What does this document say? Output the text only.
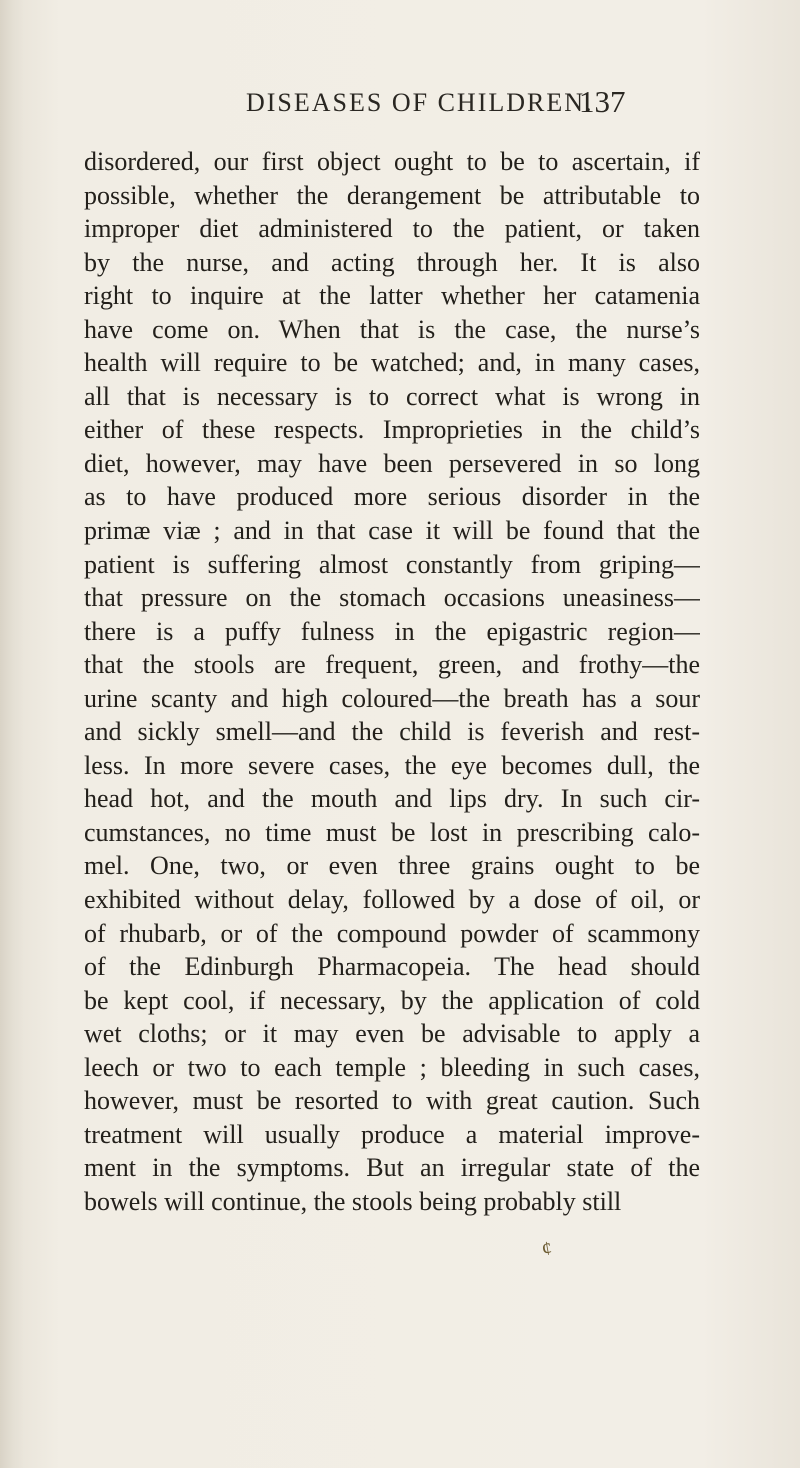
DISEASES OF CHILDREN.
137
disordered, our first object ought to be to ascertain, if
possible, whether the derangement be attributable to
improper diet administered to the patient, or taken
by the nurse, and acting through her. It is also
right to inquire at the latter whether her catamenia
have come on. When that is the case, the nurse’s
health will require to be watched; and, in many cases,
all that is necessary is to correct what is wrong in
either of these respects. Improprieties in the child’s
diet, however, may have been persevered in so long
as to have produced more serious disorder in the
primæ viæ ; and in that case it will be found that the
patient is suffering almost constantly from griping—
that pressure on the stomach occasions uneasiness—
there is a puffy fulness in the epigastric region—
that the stools are frequent, green, and frothy—the
urine scanty and high coloured—the breath has a sour
and sickly smell—and the child is feverish and rest-
less. In more severe cases, the eye becomes dull, the
head hot, and the mouth and lips dry. In such cir-
cumstances, no time must be lost in prescribing calo-
mel. One, two, or even three grains ought to be
exhibited without delay, followed by a dose of oil, or
of rhubarb, or of the compound powder of scammony
of the Edinburgh Pharmacopeia. The head should
be kept cool, if necessary, by the application of cold
wet cloths; or it may even be advisable to apply a
leech or two to each temple ; bleeding in such cases,
however, must be resorted to with great caution. Such
treatment will usually produce a material improve-
ment in the symptoms. But an irregular state of the
bowels will continue, the stools being probably still
¢
